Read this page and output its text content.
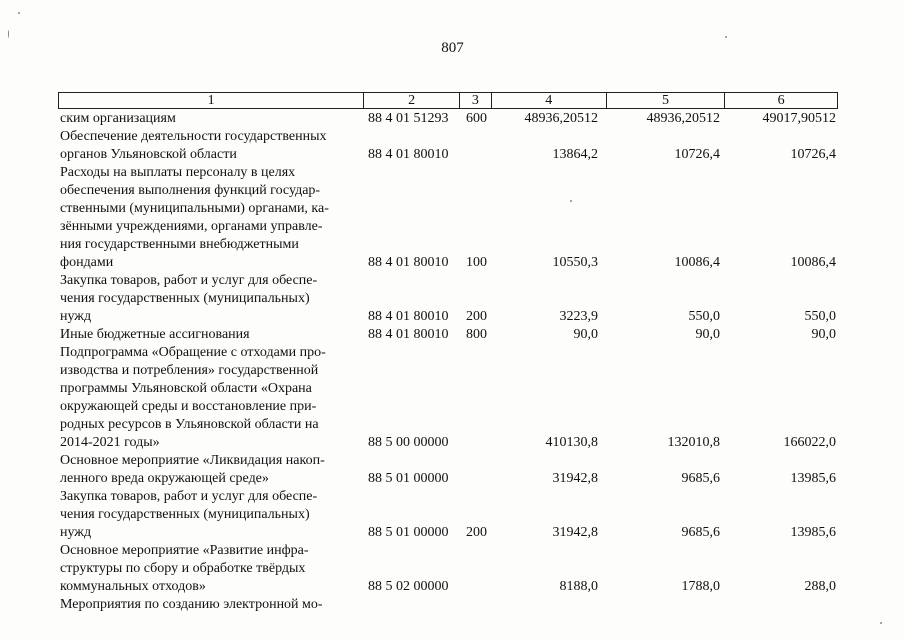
807
1	2	3	4	5	6
ским организациям	88 4 01 51293 600	48936,20512	48936,20512	49017,90512
Обеспечение деятельности государственных
органов Ульяновской области	88 4 01 80010	13864,2	10726,4	10726,4
Расходы на выплаты персоналу в целях
обеспечения выполнения функций государ-
ственными (муниципальными) органами, ка-
зёнными учреждениями, органами управле-
ния государственными внебюджетными
фондами	88 4 01 80010 100	10550,3	10086,4	10086,4
Закупка товаров, работ и услуг для обеспе-
чения государственных (муниципальных)
нужд	88 4 01 80010 200	3223,9	550,0	550,0
Иные бюджетные ассигнования	88 4 01 80010 800	90,0	90,0	90,0
Подпрограмма «Обращение с отходами про-
изводства и потребления» государственной
программы Ульяновской области «Охрана
окружающей среды и восстановление при-
родных ресурсов в Ульяновской области на
2014-2021 годы»	88 5 00 00000	410130,8	132010,8	166022,0
Основное мероприятие «Ликвидация накоп-
ленного вреда окружающей среде»	88 5 01 00000	31942,8	9685,6	13985,6
Закупка товаров, работ и услуг для обеспе-
чения государственных (муниципальных)
нужд	88 5 01 00000 200	31942,8	9685,6	13985,6
Основное мероприятие «Развитие инфра-
структуры по сбору и обработке твёрдых
коммунальных отходов»	88 5 02 00000	8188,0	1788,0	288,0
Мероприятия по созданию электронной мо-
